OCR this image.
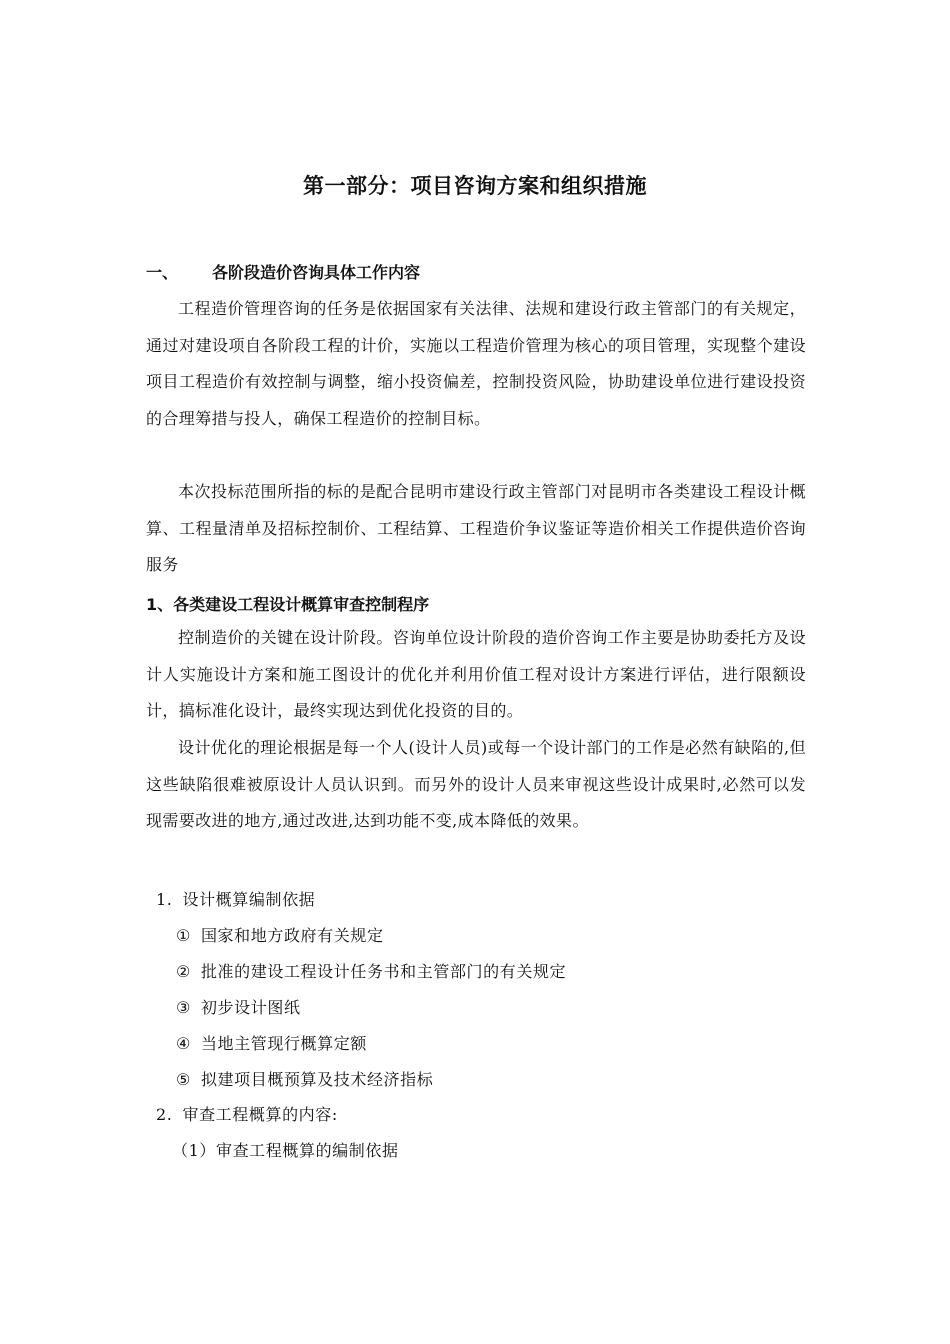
第一部分：项目咨询方案和组织措施
一、 各阶段造价咨询具体工作内容
工程造价管理咨询的任务是依据国家有关法律、法规和建设行政主管部门的有关规定，通过对建设项自各阶段工程的计价，实施以工程造价管理为核心的项目管理，实现整个建设项目工程造价有效控制与调整，缩小投资偏差，控制投资风险，协助建设单位进行建设投资的合理筹措与投人，确保工程造价的控制目标。
本次投标范围所指的标的是配合昆明市建设行政主管部门对昆明市各类建设工程设计概算、工程量清单及招标控制价、工程结算、工程造价争议鉴证等造价相关工作提供造价咨询服务
1、各类建设工程设计概算审查控制程序
控制造价的关键在设计阶段。咨询单位设计阶段的造价咨询工作主要是协助委托方及设计人实施设计方案和施工图设计的优化并利用价值工程对设计方案进行评估，进行限额设计，搞标准化设计，最终实现达到优化投资的目的。
设计优化的理论根据是每一个人(设计人员)或每一个设计部门的工作是必然有缺陷的,但这些缺陷很难被原设计人员认识到。而另外的设计人员来审视这些设计成果时,必然可以发现需要改进的地方,通过改进,达到功能不变,成本降低的效果。
1. 设计概算编制依据
① 国家和地方政府有关规定
② 批准的建设工程设计任务书和主管部门的有关规定
③ 初步设计图纸
④ 当地主管现行概算定额
⑤ 拟建项目概预算及技术经济指标
2. 审查工程概算的内容:
（1）审查工程概算的编制依据
